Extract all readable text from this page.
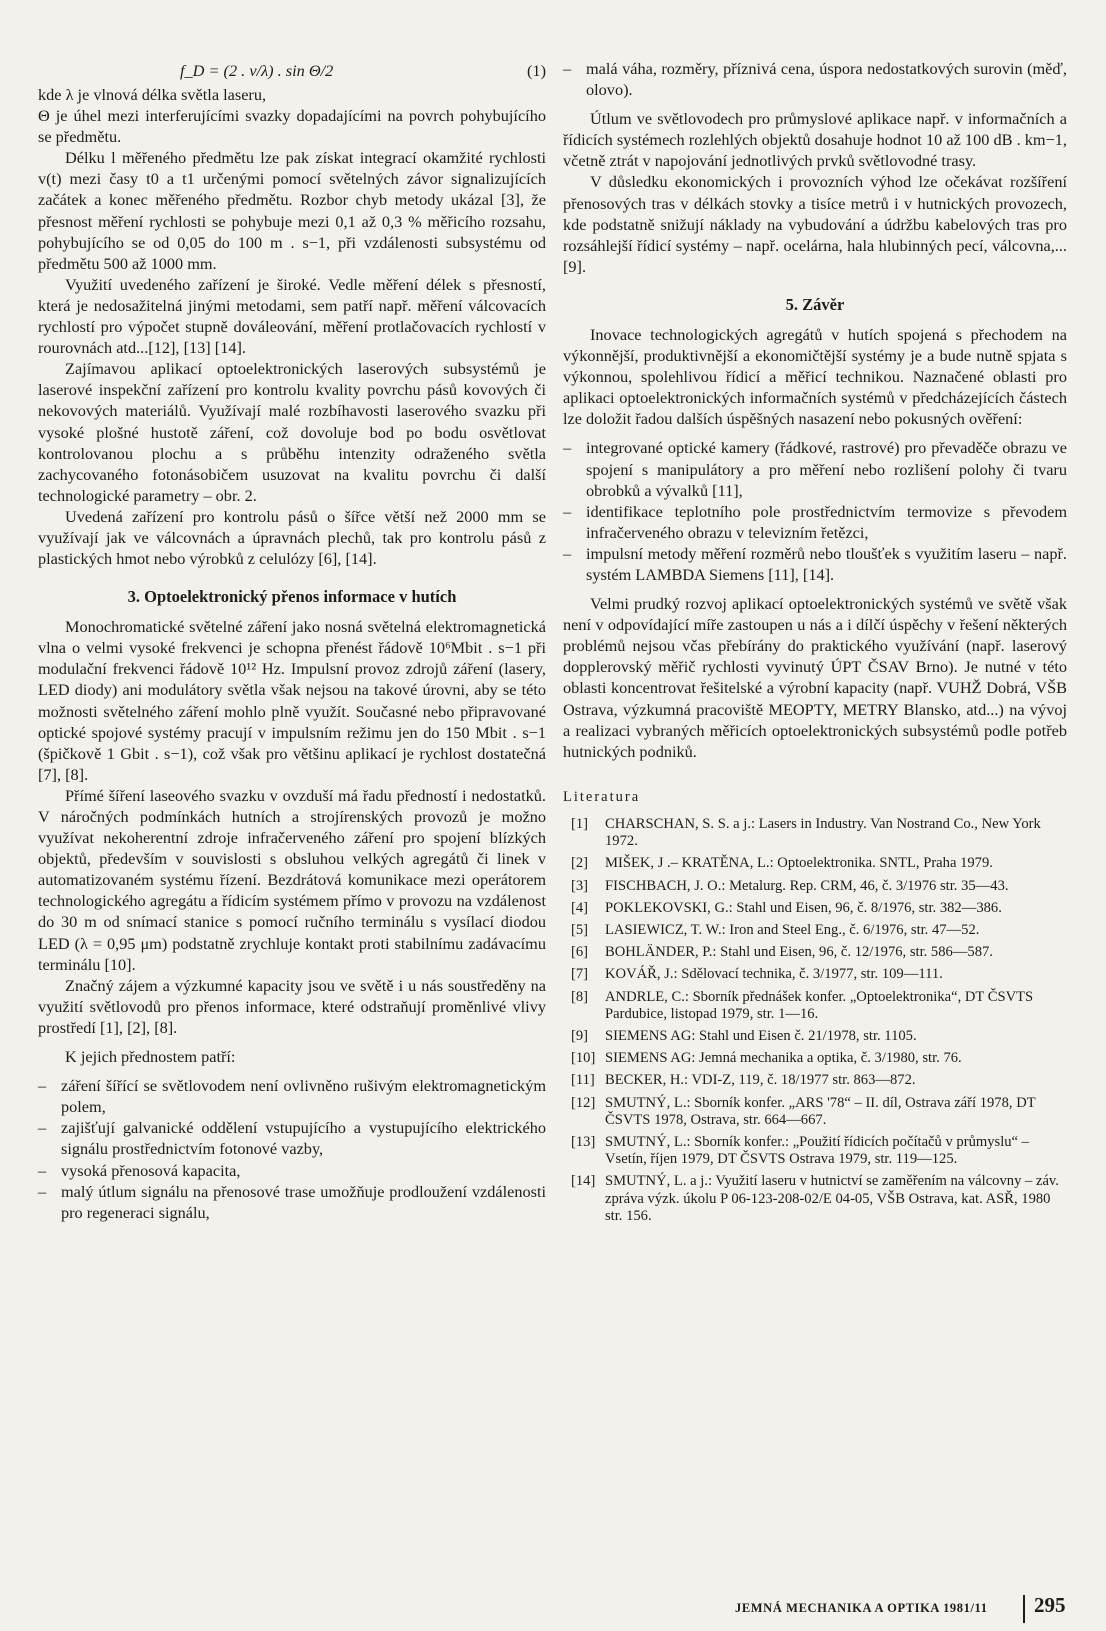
f_D = (2 . v/λ) . sin Θ/2	(1)

kde λ je vlnová délka světla laseru,

Θ je úhel mezi interferujícími svazky dopadajícími na povrch pohybujícího se předmětu.

Délku l měřeného předmětu lze pak získat integrací okamžité rychlosti v(t) mezi časy t0 a t1 určenými pomocí světelných závor signalizujících začátek a konec měřeného předmětu. Rozbor chyb metody ukázal [3], že přesnost měření rychlosti se pohybuje mezi 0,1 až 0,3 % měřicího rozsahu, pohybujícího se od 0,05 do 100 m . s−1, při vzdálenosti subsystému od předmětu 500 až 1000 mm.

Využití uvedeného zařízení je široké. Vedle měření délek s přesností, která je nedosažitelná jinými metodami, sem patří např. měření válcovacích rychlostí pro výpočet stupně dováleování, měření protlačovacích rychlostí v rourovnách atd...[12], [13] [14].

Zajímavou aplikací optoelektronických laserových subsystémů je laserové inspekční zařízení pro kontrolu kvality povrchu pásů kovových či nekovových materiálů. Využívají malé rozbíhavosti laserového svazku při vysoké plošné hustotě záření, což dovoluje bod po bodu osvětlovat kontrolovanou plochu a s průběhu intenzity odraženého světla zachycovaného fotonásobičem usuzovat na kvalitu povrchu či další technologické parametry – obr. 2.

Uvedená zařízení pro kontrolu pásů o šířce větší než 2000 mm se využívají jak ve válcovnách a úpravnách plechů, tak pro kontrolu pásů z plastických hmot nebo výrobků z celulózy [6], [14].

3. Optoelektronický přenos informace v hutích

Monochromatické světelné záření jako nosná světelná elektromagnetická vlna o velmi vysoké frekvenci je schopna přenést řádově 10⁶Mbit . s−1 při modulační frekvenci řádově 10¹² Hz. Impulsní provoz zdrojů záření (lasery, LED diody) ani modulátory světla však nejsou na takové úrovni, aby se této možnosti světelného záření mohlo plně využít. Současné nebo připravované optické spojové systémy pracují v impulsním režimu jen do 150 Mbit . s−1 (špičkově 1 Gbit . s−1), což však pro většinu aplikací je rychlost dostatečná [7], [8].

Přímé šíření laseového svazku v ovzduší má řadu předností i nedostatků. V náročných podmínkách hutních a strojírenských provozů je možno využívat nekoherentní zdroje infračerveného záření pro spojení blízkých objektů, především v souvislosti s obsluhou velkých agregátů či linek v automatizovaném systému řízení. Bezdrátová komunikace mezi operátorem technologického agregátu a řídicím systémem přímo v provozu na vzdálenost do 30 m od snímací stanice s pomocí ručního terminálu s vysílací diodou LED (λ = 0,95 μm) podstatně zrychluje kontakt proti stabilnímu zadávacímu terminálu [10].

Značný zájem a výzkumné kapacity jsou ve světě i u nás soustředěny na využití světlovodů pro přenos informace, které odstraňují proměnlivé vlivy prostředí [1], [2], [8].

K jejich přednostem patří:

– záření šířící se světlovodem není ovlivněno rušivým elektromagnetickým polem,
– zajišťují galvanické oddělení vstupujícího a vystupujícího elektrického signálu prostřednictvím fotonové vazby,
– vysoká přenosová kapacita,
– malý útlum signálu na přenosové trase umožňuje prodloužení vzdálenosti pro regeneraci signálu,
– malá váha, rozměry, příznivá cena, úspora nedostatkových surovin (měď, olovo).

Útlum ve světlovodech pro průmyslové aplikace např. v informačních a řídicích systémech rozlehlých objektů dosahuje hodnot 10 až 100 dB . km−1, včetně ztrát v napojování jednotlivých prvků světlovodné trasy.

V důsledku ekonomických i provozních výhod lze očekávat rozšíření přenosových tras v délkách stovky a tisíce metrů i v hutnických provozech, kde podstatně snižují náklady na vybudování a údržbu kabelových tras pro rozsáhlejší řídicí systémy – např. ocelárna, hala hlubinných pecí, válcovna,... [9].

5. Závěr

Inovace technologických agregátů v hutích spojená s přechodem na výkonnější, produktivnější a ekonomičtější systémy je a bude nutně spjata s výkonnou, spolehlivou řídicí a měřicí technikou. Naznačené oblasti pro aplikaci optoelektronických informačních systémů v předcházejících částech lze doložit řadou dalších úspěšných nasazení nebo pokusných ověření:

– integrované optické kamery (řádkové, rastrové) pro převaděče obrazu ve spojení s manipulátory a pro měření nebo rozlišení polohy či tvaru obrobků a vývalků [11],
– identifikace teplotního pole prostřednictvím termovize s převodem infračerveného obrazu v televizním řetězci,
– impulsní metody měření rozměrů nebo tloušťek s využitím laseru – např. systém LAMBDA Siemens [11], [14].

Velmi prudký rozvoj aplikací optoelektronických systémů ve světě však není v odpovídající míře zastoupen u nás a i dílčí úspěchy v řešení některých problémů nejsou včas přebírány do praktického využívání (např. laserový dopplerovský měřič rychlosti vyvinutý ÚPT ČSAV Brno). Je nutné v této oblasti koncentrovat řešitelské a výrobní kapacity (např. VUHŽ Dobrá, VŠB Ostrava, výzkumná pracoviště MEOPTY, METRY Blansko, atd...) na vývoj a realizaci vybraných měřicích optoelektronických subsystémů podle potřeb hutnických podniků.

Literatura

[1] CHARSCHAN, S. S. a j.: Lasers in Industry. Van Nostrand Co., New York 1972.
[2] MIŠEK, J .– KRATĚNA, L.: Optoelektronika. SNTL, Praha 1979.
[3] FISCHBACH, J. O.: Metalurg. Rep. CRM, 46, č. 3/1976 str. 35—43.
[4] POKLEKOVSKI, G.: Stahl und Eisen, 96, č. 8/1976, str. 382—386.
[5] LASIEWICZ, T. W.: Iron and Steel Eng., č. 6/1976, str. 47—52.
[6] BOHLÄNDER, P.: Stahl und Eisen, 96, č. 12/1976, str. 586—587.
[7] KOVÁŘ, J.: Sdělovací technika, č. 3/1977, str. 109—111.
[8] ANDRLE, C.: Sborník přednášek konfer. „Optoelektronika“, DT ČSVTS Pardubice, listopad 1979, str. 1—16.
[9] SIEMENS AG: Stahl und Eisen č. 21/1978, str. 1105.
[10] SIEMENS AG: Jemná mechanika a optika, č. 3/1980, str. 76.
[11] BECKER, H.: VDI-Z, 119, č. 18/1977 str. 863—872.
[12] SMUTNÝ, L.: Sborník konfer. „ARS '78“ – II. díl, Ostrava září 1978, DT ČSVTS 1978, Ostrava, str. 664—667.
[13] SMUTNÝ, L.: Sborník konfer.: „Použití řídicích počítačů v průmyslu“ – Vsetín, říjen 1979, DT ČSVTS Ostrava 1979, str. 119—125.
[14] SMUTNÝ, L. a j.: Využití laseru v hutnictví se zaměřením na válcovny – záv. zpráva výzk. úkolu P 06-123-208-02/E 04-05, VŠB Ostrava, kat. ASŘ, 1980 str. 156.
JEMNÁ MECHANIKA A OPTIKA 1981/11 295
